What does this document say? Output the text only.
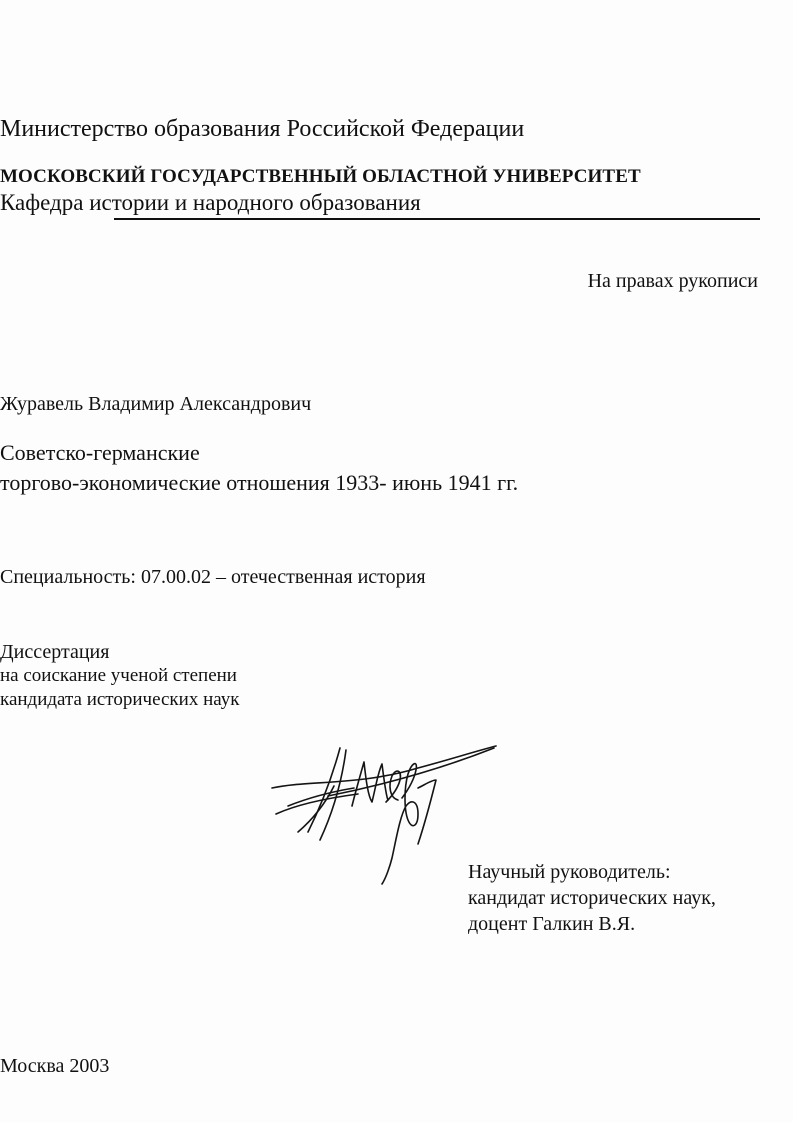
Министерство образования Российской Федерации
МОСКОВСКИЙ ГОСУДАРСТВЕННЫЙ ОБЛАСТНОЙ УНИВЕРСИТЕТ
Кафедра истории и народного образования
На правах рукописи
Журавель Владимир Александрович
Советско-германские
торгово-экономические отношения 1933- июнь 1941 гг.
Специальность: 07.00.02 – отечественная история
Диссертация
на соискание ученой степени
кандидата исторических наук
Научный руководитель:
кандидат исторических наук,
доцент Галкин В.Я.
Москва 2003
